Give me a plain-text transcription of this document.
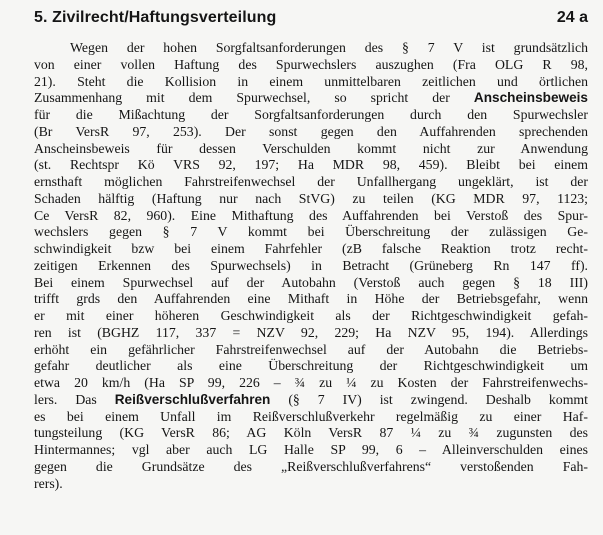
5. Zivilrecht/Haftungsverteilung	24 a
Wegen der hohen Sorgfaltsanforderungen des § 7 V ist grundsätzlich
von einer vollen Haftung des Spurwechslers auszughen (Fra OLG R 98,
21). Steht die Kollision in einem unmittelbaren zeitlichen und örtlichen
Zusammenhang mit dem Spurwechsel, so spricht der Anscheinsbeweis
für die Mißachtung der Sorgfaltsanforderungen durch den Spurwechsler
(Br VersR 97, 253). Der sonst gegen den Auffahrenden sprechenden
Anscheinsbeweis für dessen Verschulden kommt nicht zur Anwendung
(st. Rechtspr Kö VRS 92, 197; Ha MDR 98, 459). Bleibt bei einem
ernsthaft möglichen Fahrstreifenwechsel der Unfallhergang ungeklärt, ist der
Schaden hälftig (Haftung nur nach StVG) zu teilen (KG MDR 97, 1123;
Ce VersR 82, 960). Eine Mithaftung des Auffahrenden bei Verstoß des Spur-
wechslers gegen § 7 V kommt bei Überschreitung der zulässigen Ge-
schwindigkeit bzw bei einem Fahrfehler (zB falsche Reaktion trotz recht-
zeitigen Erkennen des Spurwechsels) in Betracht (Grüneberg Rn 147 ff).
Bei einem Spurwechsel auf der Autobahn (Verstoß auch gegen § 18 III)
trifft grds den Auffahrenden eine Mithaft in Höhe der Betriebsgefahr, wenn
er mit einer höheren Geschwindigkeit als der Richtgeschwindigkeit gefah-
ren ist (BGHZ 117, 337 = NZV 92, 229; Ha NZV 95, 194). Allerdings
erhöht ein gefährlicher Fahrstreifenwechsel auf der Autobahn die Betriebs-
gefahr deutlicher als eine Überschreitung der Richtgeschwindigkeit um
etwa 20 km/h (Ha SP 99, 226 – ¾ zu ¼ zu Kosten der Fahrstreifenwechs-
lers. Das Reißverschlußverfahren (§ 7 IV) ist zwingend. Deshalb kommt
es bei einem Unfall im Reißverschlußverkehr regelmäßig zu einer Haf-
tungsteilung (KG VersR 86; AG Köln VersR 87 ¼ zu ¾ zugunsten des
Hintermannes; vgl aber auch LG Halle SP 99, 6 – Alleinverschulden eines
gegen die Grundsätze des „Reißverschlußverfahrens“ verstoßenden Fah-
rers).
